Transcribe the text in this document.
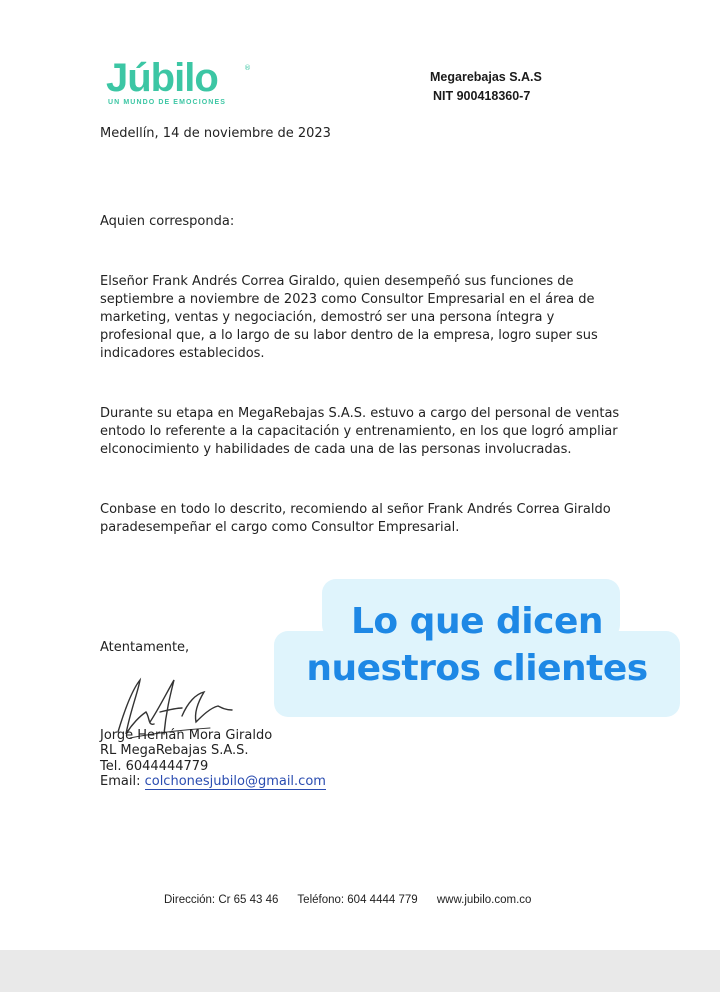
Júbilo	®
UN MUNDO DE EMOCIONES
Megarebajas S.A.S
NIT 900418360-7
Medellín, 14 de noviembre de 2023
Aquien corresponda:
Elseñor Frank Andrés Correa Giraldo, quien desempeñó sus funciones de
septiembre a noviembre de 2023 como Consultor Empresarial en el área de
marketing, ventas y negociación, demostró ser una persona íntegra y
profesional que, a lo largo de su labor dentro de la empresa, logro super sus
indicadores establecidos.
Durante su etapa en MegaRebajas S.A.S. estuvo a cargo del personal de ventas
entodo lo referente a la capacitación y entrenamiento, en los que logró ampliar
elconocimiento y habilidades de cada una de las personas involucradas.
Conbase en todo lo descrito, recomiendo al señor Frank Andrés Correa Giraldo
paradesempeñar el cargo como Consultor Empresarial.
Atentamente,
Jorge Hernán Mora Giraldo
RL MegaRebajas S.A.S.
Tel. 6044444779
Email: colchonesjubilo@gmail.com
Dirección: Cr 65 43 46 Teléfono: 604 4444 779 www.jubilo.com.co
Lo que dicen
nuestros clientes
